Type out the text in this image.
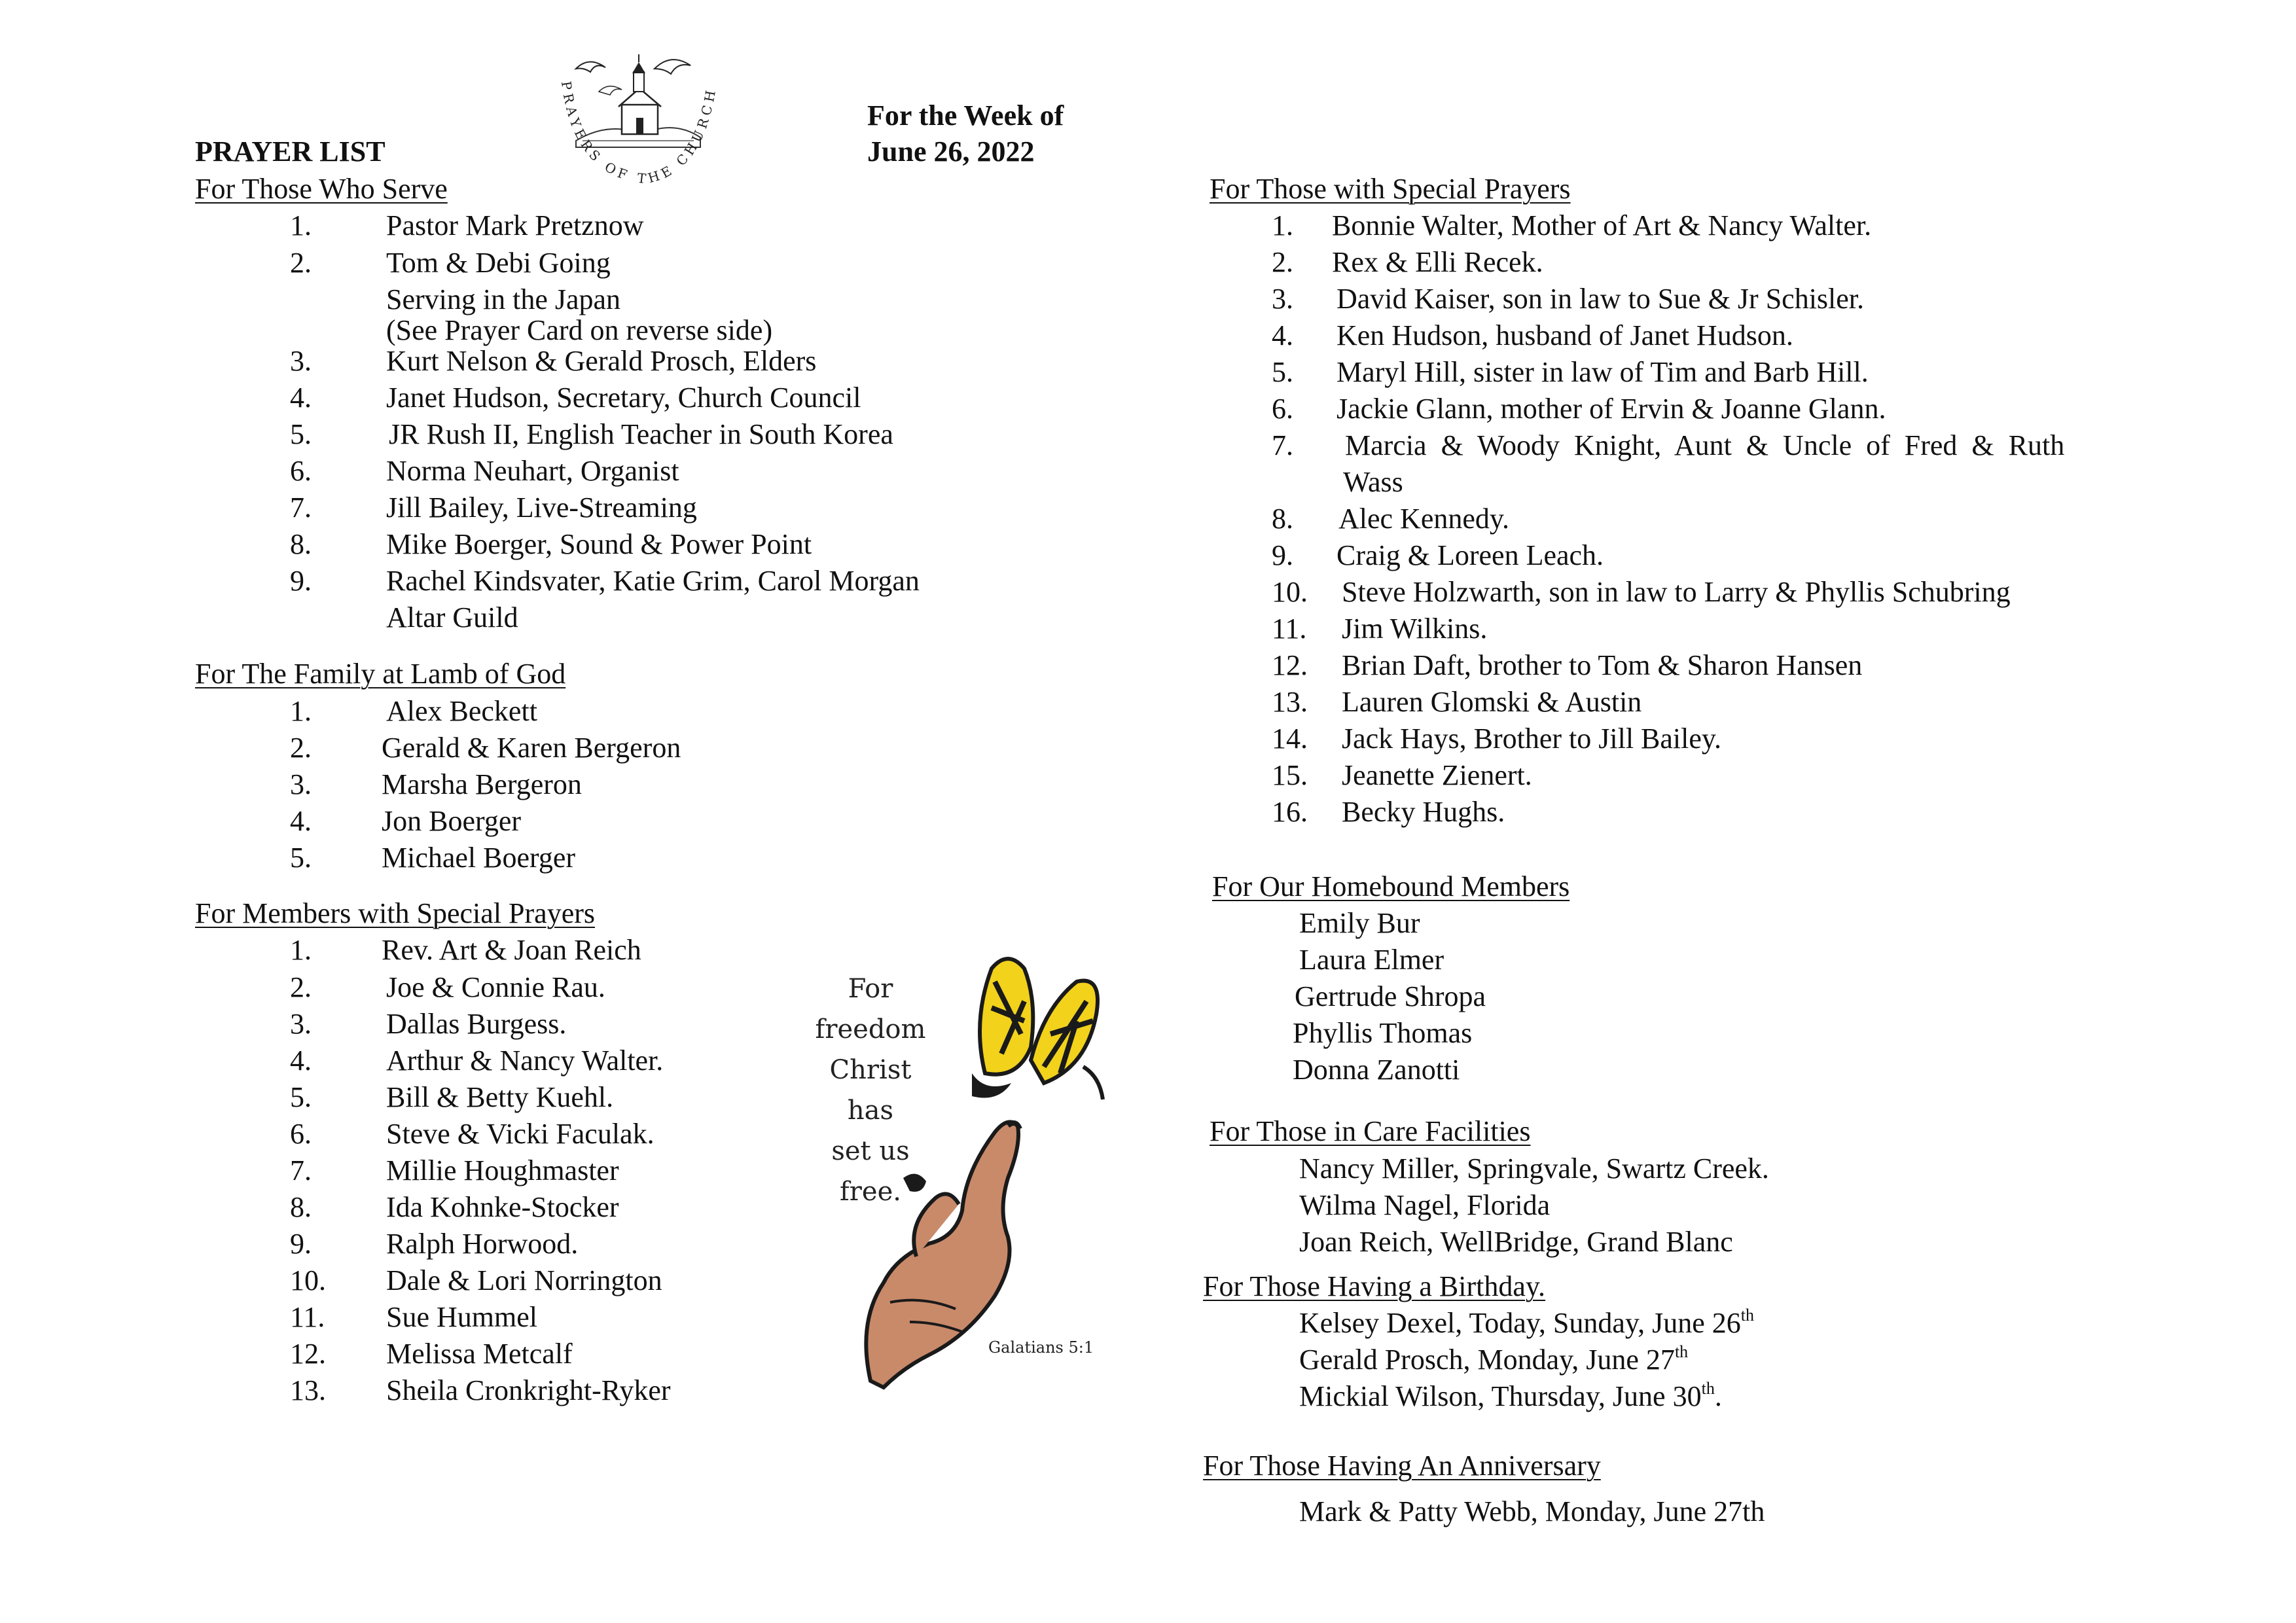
PRAYER LIST
For the Week of
June 26, 2022
PRAYERS OF THE CHURCH
For Those Who Serve
1.	Pastor Mark Pretznow
2.	Tom & Debi Going
Serving in the Japan
(See Prayer Card on reverse side)
3.	Kurt Nelson & Gerald Prosch, Elders
4.	Janet Hudson, Secretary, Church Council
5.	JR Rush II, English Teacher in South Korea
6.	Norma Neuhart, Organist
7.	Jill Bailey, Live-Streaming
8.	Mike Boerger, Sound & Power Point
9.	Rachel Kindsvater, Katie Grim, Carol Morgan
Altar Guild
For The Family at Lamb of God
1.	Alex Beckett
2. Gerald & Karen Bergeron
3. Marsha Bergeron
4. Jon Boerger
5. Michael Boerger
For Members with Special Prayers
1. Rev. Art & Joan Reich
2.	Joe & Connie Rau.
3.	Dallas Burgess.
4.	Arthur & Nancy Walter.
5.	Bill & Betty Kuehl.
6.	Steve & Vicki Faculak.
7.	Millie Houghmaster
8.	Ida Kohnke-Stocker
9.	Ralph Horwood.
10. Dale & Lori Norrington
11. Sue Hummel
12. Melissa Metcalf
13. Sheila Cronkright-Ryker
For
freedom
Christ
has
set us
free.
Galatians 5:1
For Those with Special Prayers
1. Bonnie Walter, Mother of Art & Nancy Walter.
2. Rex & Elli Recek.
3. David Kaiser, son in law to Sue & Jr Schisler.
4. Ken Hudson, husband of Janet Hudson.
5. Maryl Hill, sister in law of Tim and Barb Hill.
6. Jackie Glann, mother of Ervin & Joanne Glann.
7. Marcia  &  Woody  Knight,  Aunt  &  Uncle  of  Fred  &  Ruth
Wass
8. Alec Kennedy.
9. Craig & Loreen Leach.
10. Steve Holzwarth, son in law to Larry & Phyllis Schubring
11. Jim Wilkins.
12. Brian Daft, brother to Tom & Sharon Hansen
13. Lauren Glomski & Austin
14. Jack Hays, Brother to Jill Bailey.
15. Jeanette Zienert.
16. Becky Hughs.
For Our Homebound Members
Emily Bur
Laura Elmer
Gertrude Shropa
Phyllis Thomas
Donna Zanotti
For Those in Care Facilities
Nancy Miller, Springvale, Swartz Creek.
Wilma Nagel, Florida
Joan Reich, WellBridge, Grand Blanc
For Those Having a Birthday.
Kelsey Dexel, Today, Sunday, June 26th
Gerald Prosch, Monday, June 27th
Mickial Wilson, Thursday, June 30th.
For Those Having An Anniversary
Mark & Patty Webb, Monday, June 27th
